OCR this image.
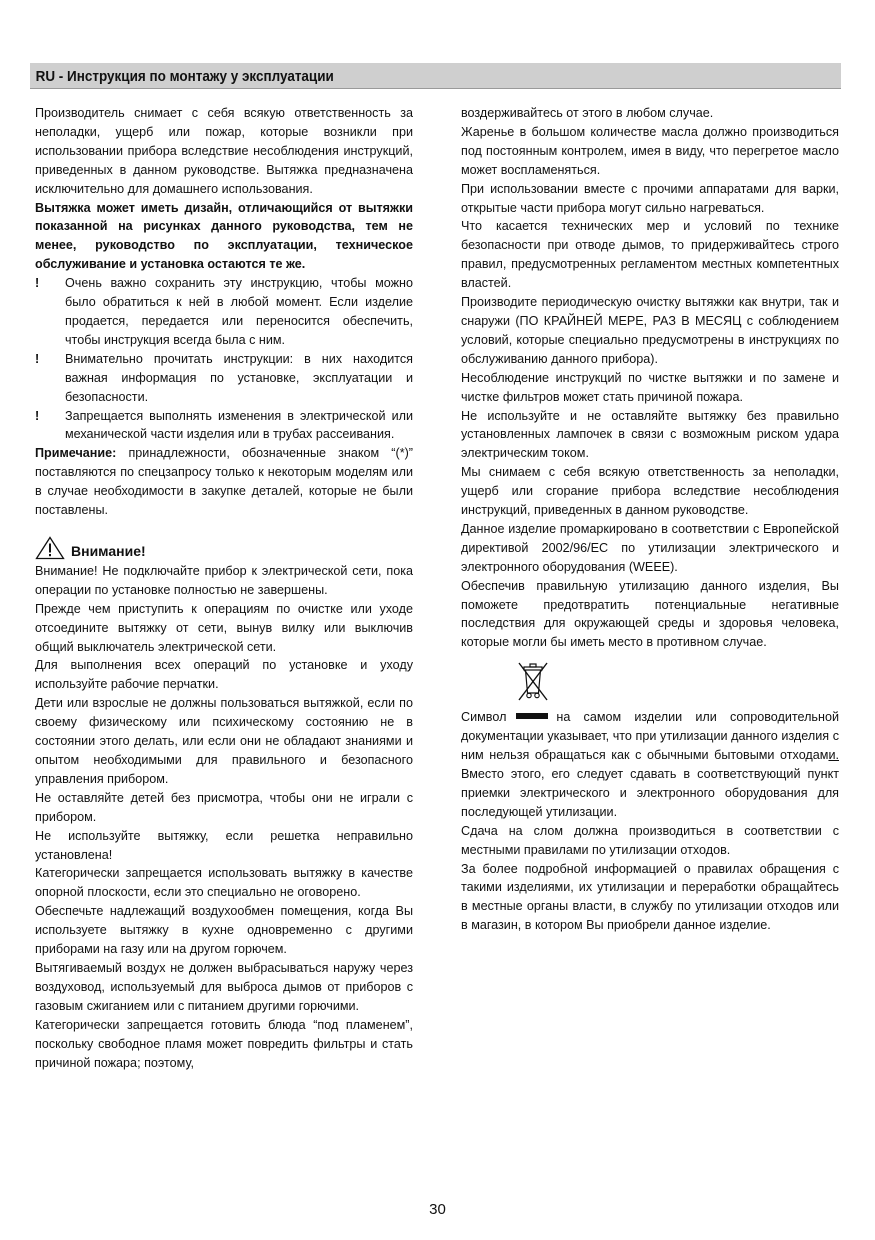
RU - Инструкция по монтажу у эксплуатации

Производитель снимает с себя всякую ответственность за неполадки, ущерб или пожар, которые возникли при использовании прибора вследствие несоблюдения инструкций, приведенных в данном руководстве. Вытяжка предназначена исключительно для домашнего использования.

Вытяжка может иметь дизайн, отличающийся от вытяжки показанной на рисунках данного руководства, тем не менее, руководство по эксплуатации, техническое обслуживание и установка остаются те же.

! Очень важно сохранить эту инструкцию, чтобы можно было обратиться к ней в любой момент. Если изделие продается, передается или переносится обеспечить, чтобы инструкция всегда была с ним.

! Внимательно прочитать инструкции: в них находится важная информация по установке, эксплуатации и безопасности.

! Запрещается выполнять изменения в электрической или механической части изделия или в трубах рассеивания.

Примечание: принадлежности, обозначенные знаком “(*)” поставляются по спецзапросу только к некоторым моделям или в случае необходимости в закупке деталей, которые не были поставлены.

Внимание!

Внимание! Не подключайте прибор к электрической сети, пока операции по установке полностью не завершены.

Прежде чем приступить к операциям по очистке или уходе отсоедините вытяжку от сети, вынув вилку или выключив общий выключатель электрической сети.

Для выполнения всех операций по установке и уходу используйте рабочие перчатки.

Дети или взрослые не должны пользоваться вытяжкой, если по своему физическому или психическому состоянию не в состоянии этого делать, или если они не обладают знаниями и опытом необходимыми для правильного и безопасного управления прибором.

Не оставляйте детей без присмотра, чтобы они не играли с прибором.

Не используйте вытяжку, если решетка неправильно установлена!

Категорически запрещается использовать вытяжку в качестве опорной плоскости, если это специально не оговорено.

Обеспечьте надлежащий воздухообмен помещения, когда Вы используете вытяжку в кухне одновременно с другими приборами на газу или на другом горючем.

Вытягиваемый воздух не должен выбрасываться наружу через воздуховод, используемый для выброса дымов от приборов с газовым сжиганием или с питанием другими горючими.

Категорически запрещается готовить блюда “под пламенем”, поскольку свободное пламя может повредить фильтры и стать причиной пожара; поэтому,

воздерживайтесь от этого в любом случае.

Жаренье в большом количестве масла должно производиться под постоянным контролем, имея в виду, что перегретое масло может воспламеняться.

При использовании вместе с прочими аппаратами для варки, открытые части прибора могут сильно нагреваться.

Что касается технических мер и условий по технике безопасности при отводе дымов, то придерживайтесь строго правил, предусмотренных регламентом местных компетентных властей.

Производите периодическую очистку вытяжки как внутри, так и снаружи (ПО КРАЙНЕЙ МЕРЕ, РАЗ В МЕСЯЦ с соблюдением условий, которые специально предусмотрены в инструкциях по обслуживанию данного прибора).

Несоблюдение инструкций по чистке вытяжки и по замене и чистке фильтров может стать причиной пожара.

Не используйте и не оставляйте вытяжку без правильно установленных лампочек в связи с возможным риском удара электрическим током.

Мы снимаем с себя всякую ответственность за неполадки, ущерб или сгорание прибора вследствие несоблюдения инструкций, приведенных в данном руководстве.

Данное изделие промаркировано в соответствии с Европейской директивой 2002/96/EC по утилизации электрического и электронного оборудования (WEEE).

Обеспечив правильную утилизацию данного изделия, Вы поможете предотвратить потенциальные негативные последствия для окружающей среды и здоровья человека, которые могли бы иметь место в противном случае.

Символ	на самом изделии или сопроводительной документации указывает, что при утилизации данного изделия с ним нельзя обращаться как с обычными бытовыми отходами. Вместо этого, его следует сдавать в соответствующий пункт приемки электрического и электронного оборудования для последующей утилизации.

Сдача на слом должна производиться в соответствии с местными правилами по утилизации отходов.

За более подробной информацией о правилах обращения с такими изделиями, их утилизации и переработки обращайтесь в местные органы власти, в службу по утилизации отходов или в магазин, в котором Вы приобрели данное изделие.

30
